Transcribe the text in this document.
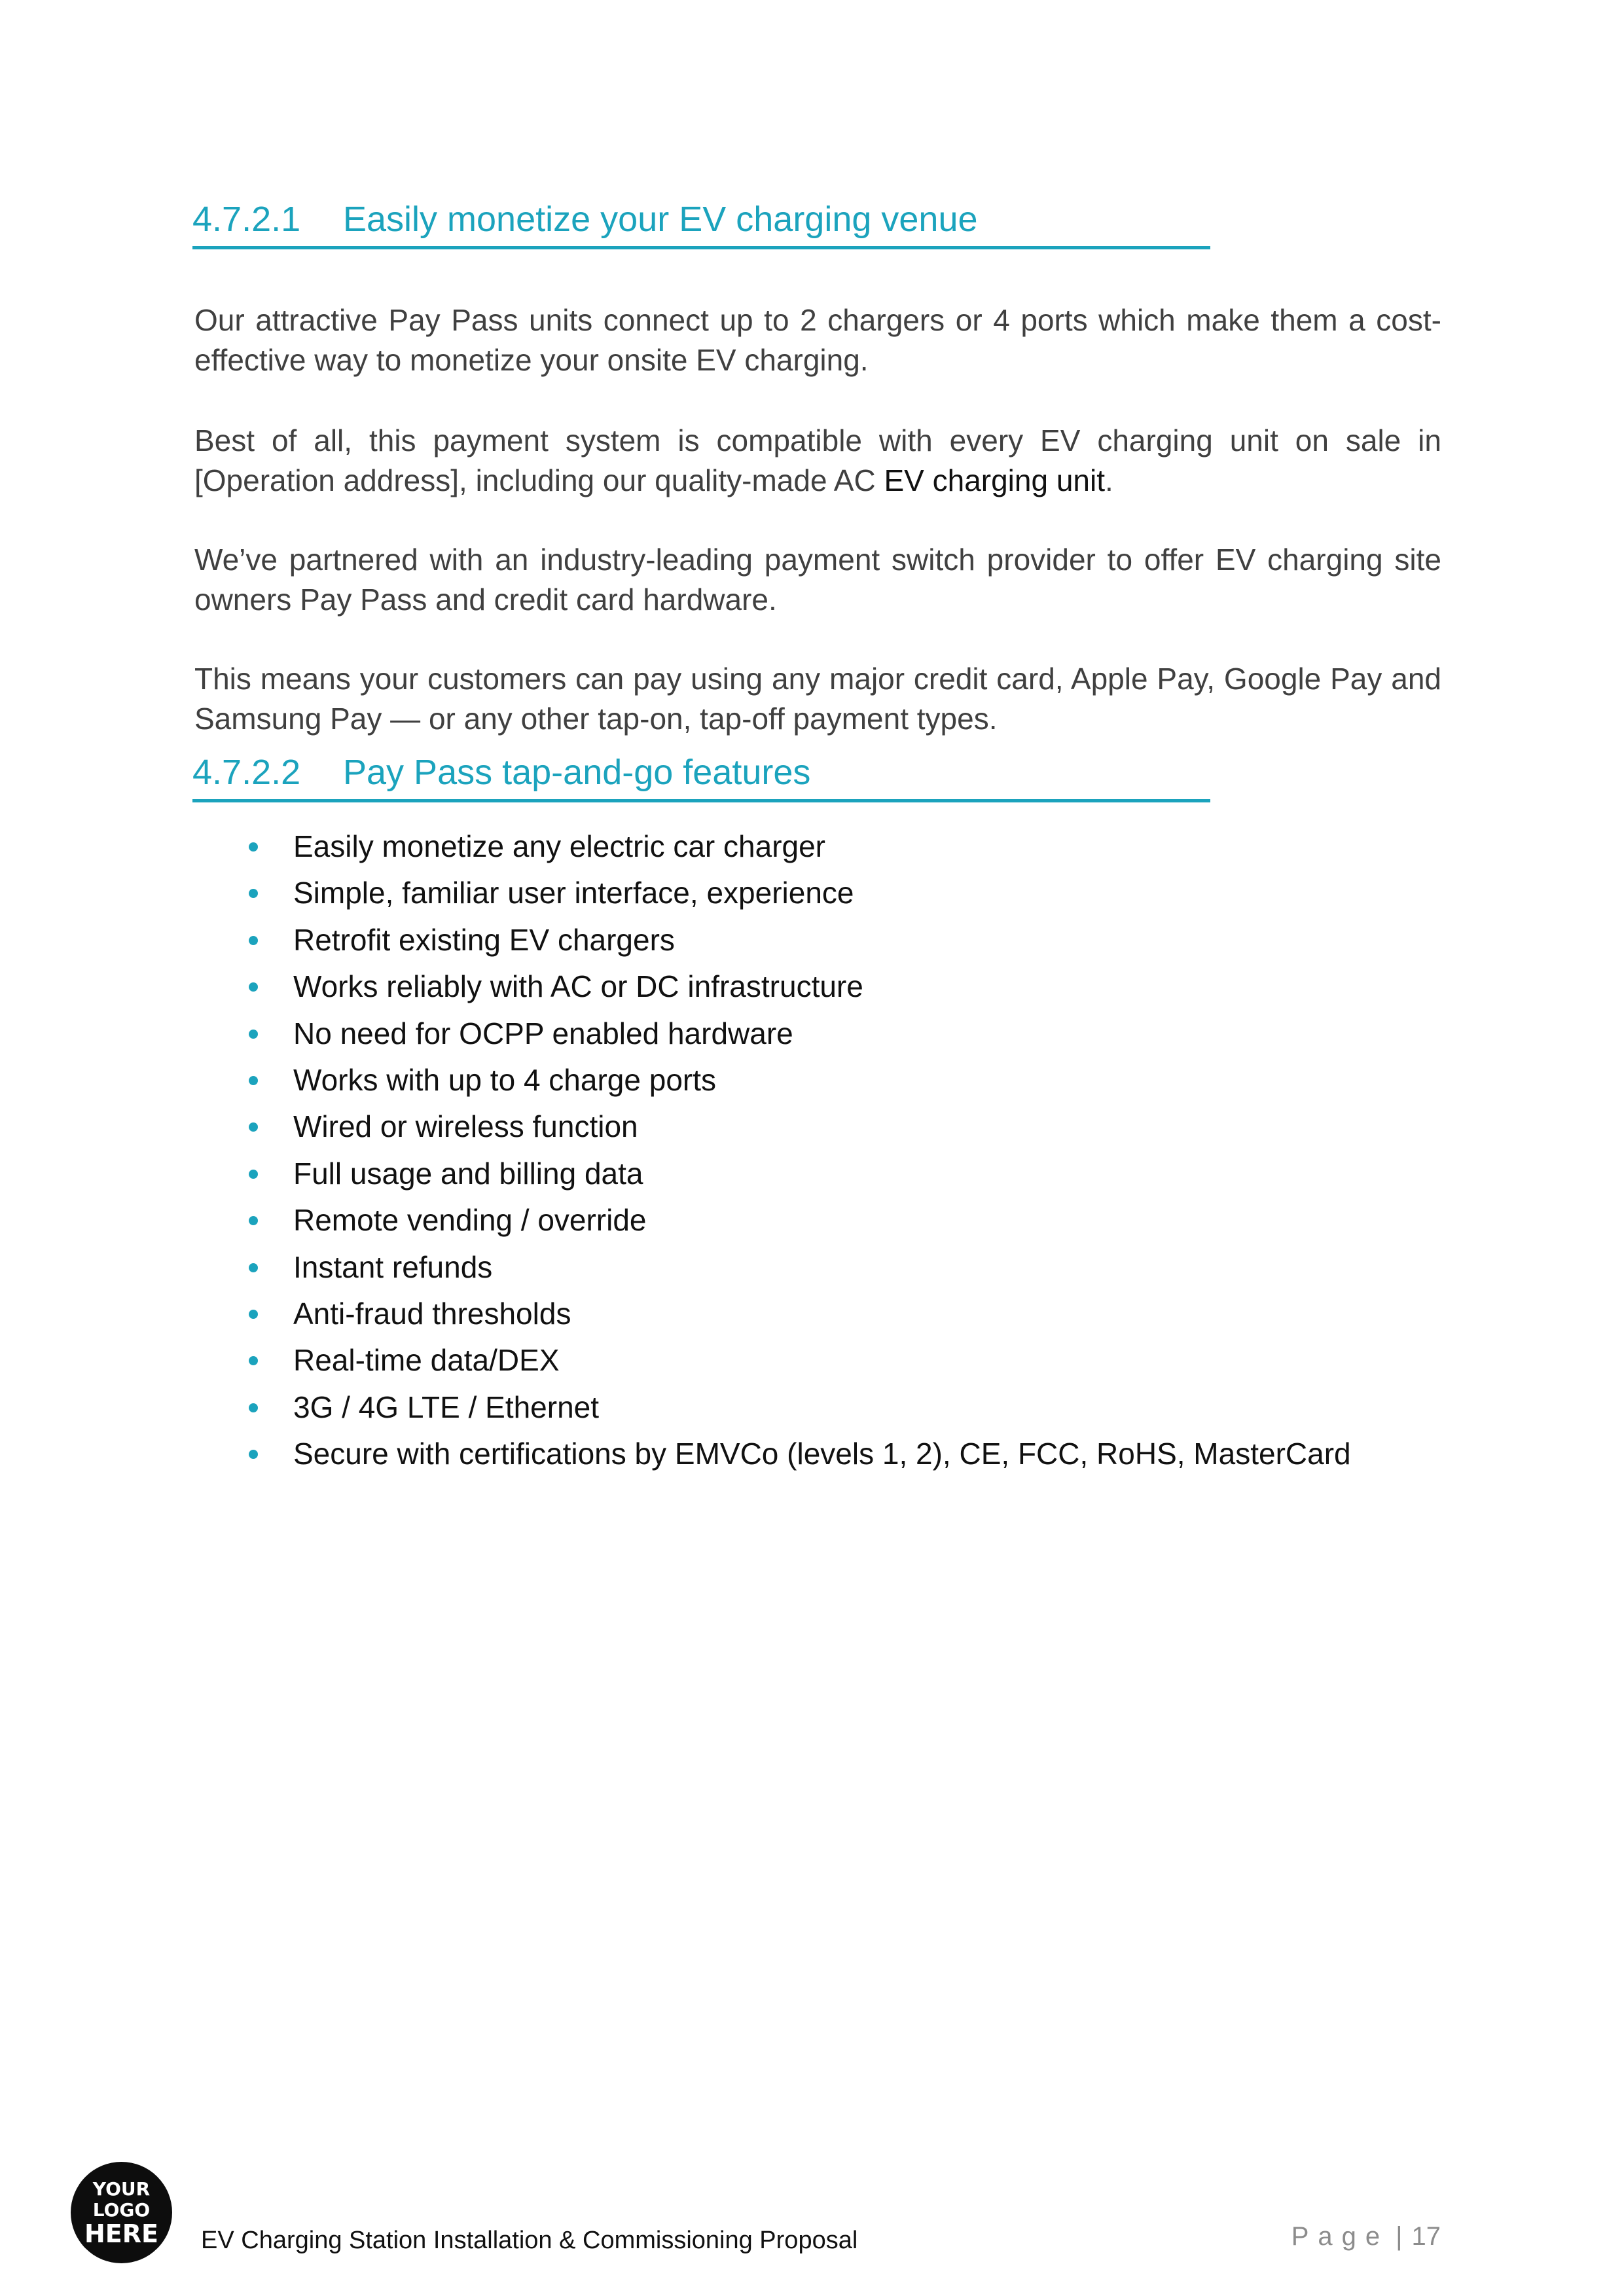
4.7.2.1 Easily monetize your EV charging venue

Our attractive Pay Pass units connect up to 2 chargers or 4 ports which make them a cost-effective way to monetize your onsite EV charging.

Best of all, this payment system is compatible with every EV charging unit on sale in [Operation address], including our quality-made AC EV charging unit.

We’ve partnered with an industry-leading payment switch provider to offer EV charging site owners Pay Pass and credit card hardware.

This means your customers can pay using any major credit card, Apple Pay, Google Pay and Samsung Pay — or any other tap-on, tap-off payment types.

4.7.2.2 Pay Pass tap-and-go features
Easily monetize any electric car charger
Simple, familiar user interface, experience
Retrofit existing EV chargers
Works reliably with AC or DC infrastructure
No need for OCPP enabled hardware
Works with up to 4 charge ports
Wired or wireless function
Full usage and billing data
Remote vending / override
Instant refunds
Anti-fraud thresholds
Real-time data/DEX
3G / 4G LTE / Ethernet
Secure with certifications by EMVCo (levels 1, 2), CE, FCC, RoHS, MasterCard
YOUR
LOGO
HERE EV Charging Station Installation & Commissioning Proposal	Page | 17
